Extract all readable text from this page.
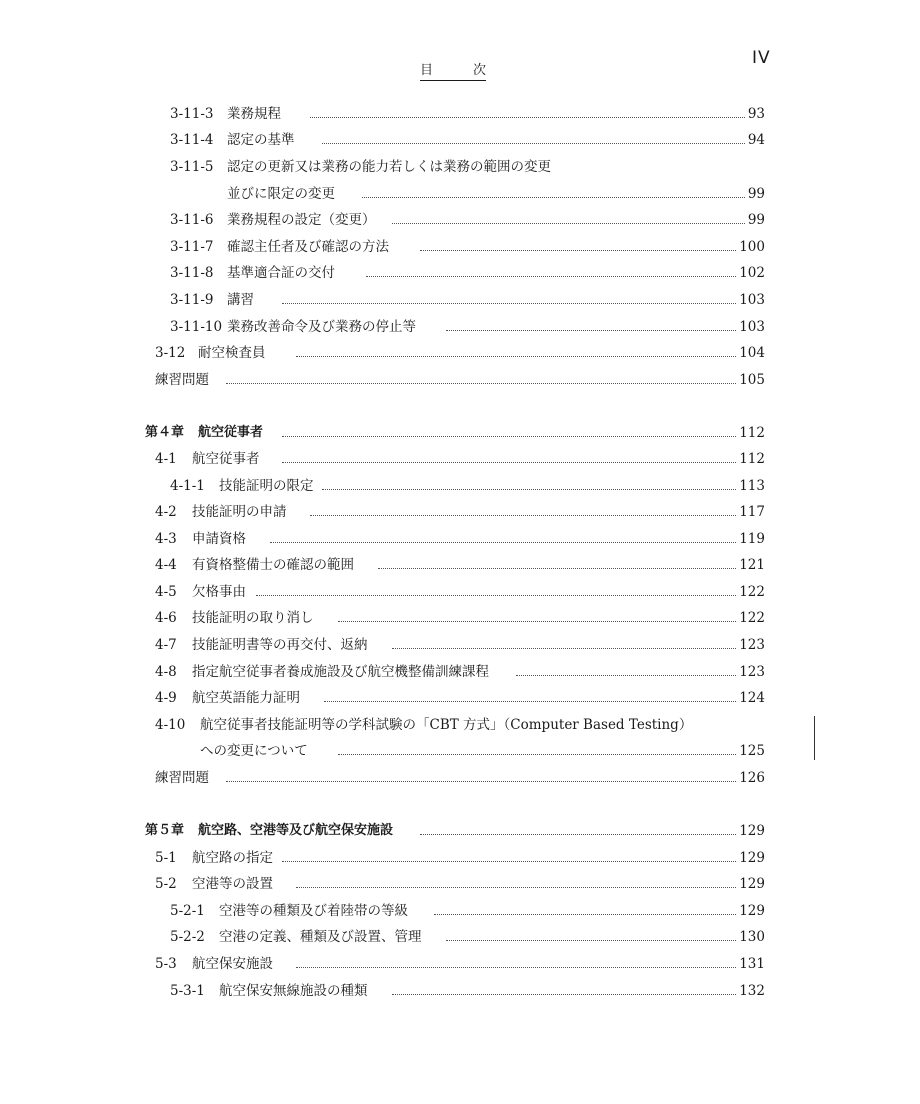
IV
目　　次
3-11-3 業務規程	93
3-11-4 認定の基準	94
3-11-5 認定の更新又は業務の能力若しくは業務の範囲の変更
並びに限定の変更	99
3-11-6 業務規程の設定（変更）	99
3-11-7 確認主任者及び確認の方法	100
3-11-8 基準適合証の交付	102
3-11-9 講習	103
3-11-10 業務改善命令及び業務の停止等	103
3-12 耐空検査員	104
練習問題	105
第４章 航空従事者	112
4-1 航空従事者	112
4-1-1 技能証明の限定	113
4-2 技能証明の申請	117
4-3 申請資格	119
4-4 有資格整備士の確認の範囲	121
4-5 欠格事由	122
4-6 技能証明の取り消し	122
4-7 技能証明書等の再交付、返納	123
4-8 指定航空従事者養成施設及び航空機整備訓練課程	123
4-9 航空英語能力証明	124
4-10 航空従事者技能証明等の学科試験の「CBT 方式」（Computer Based Testing）
への変更について	125
練習問題	126
第５章 航空路、空港等及び航空保安施設	129
5-1 航空路の指定	129
5-2 空港等の設置	129
5-2-1 空港等の種類及び着陸帯の等級	129
5-2-2 空港の定義、種類及び設置、管理	130
5-3 航空保安施設	131
5-3-1 航空保安無線施設の種類	132
